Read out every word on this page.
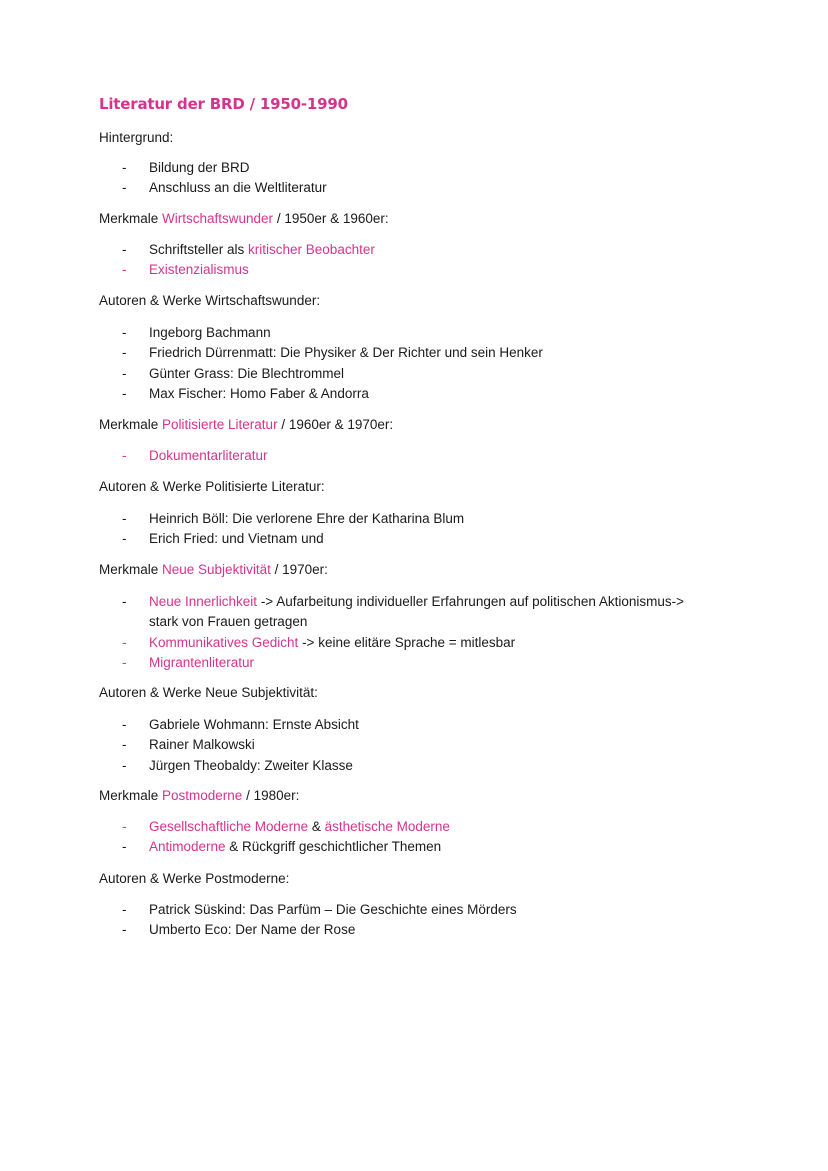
Literatur der BRD / 1950-1990

Hintergrund:

- Bildung der BRD
- Anschluss an die Weltliteratur

Merkmale Wirtschaftswunder / 1950er & 1960er:

- Schriftsteller als kritischer Beobachter
- Existenzialismus

Autoren & Werke Wirtschaftswunder:

- Ingeborg Bachmann
- Friedrich Dürrenmatt: Die Physiker & Der Richter und sein Henker
- Günter Grass: Die Blechtrommel
- Max Fischer: Homo Faber & Andorra

Merkmale Politisierte Literatur / 1960er & 1970er:

- Dokumentarliteratur

Autoren & Werke Politisierte Literatur:

- Heinrich Böll: Die verlorene Ehre der Katharina Blum
- Erich Fried: und Vietnam und

Merkmale Neue Subjektivität / 1970er:

- Neue Innerlichkeit -> Aufarbeitung individueller Erfahrungen auf politischen Aktionismus->
stark von Frauen getragen
- Kommunikatives Gedicht -> keine elitäre Sprache = mitlesbar
- Migrantenliteratur

Autoren & Werke Neue Subjektivität:

- Gabriele Wohmann: Ernste Absicht
- Rainer Malkowski
- Jürgen Theobaldy: Zweiter Klasse

Merkmale Postmoderne / 1980er:

- Gesellschaftliche Moderne & ästhetische Moderne
- Antimoderne & Rückgriff geschichtlicher Themen

Autoren & Werke Postmoderne:

- Patrick Süskind: Das Parfüm – Die Geschichte eines Mörders
- Umberto Eco: Der Name der Rose
